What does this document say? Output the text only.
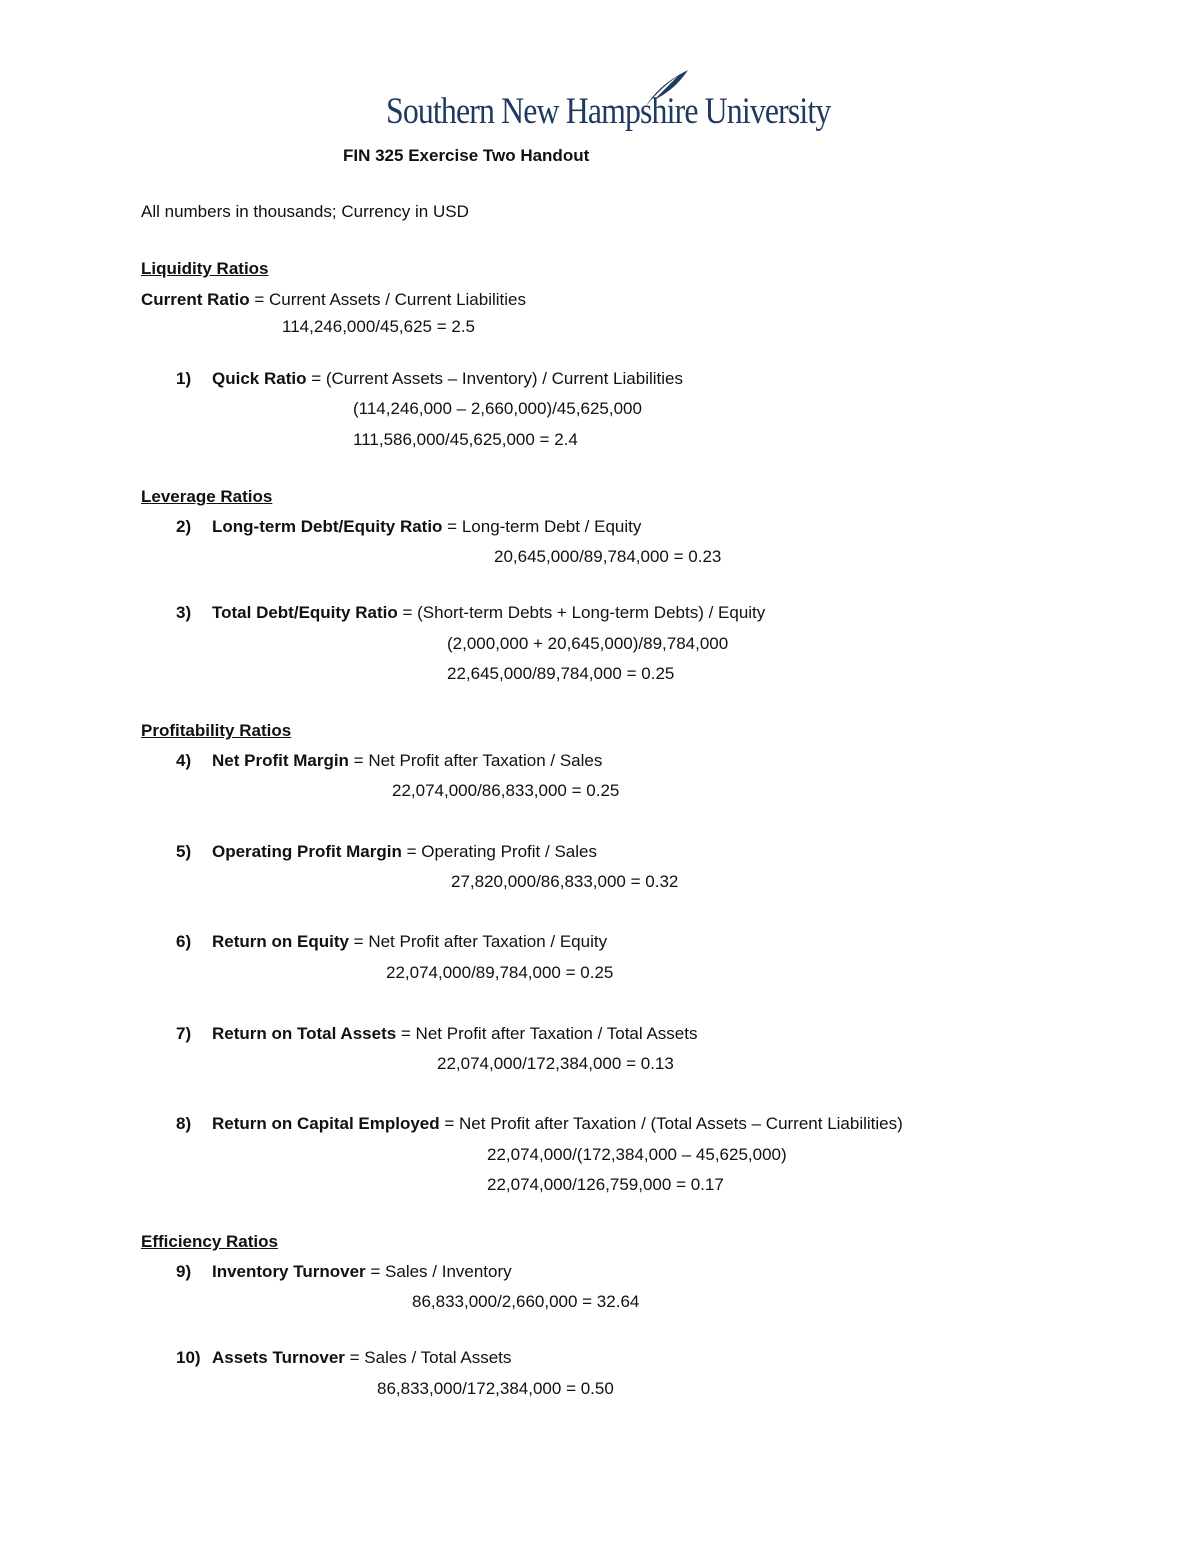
Southern New Hampshire University
FIN 325 Exercise Two Handout
All numbers in thousands; Currency in USD
Liquidity Ratios
Current Ratio = Current Assets / Current Liabilities
114,246,000/45,625 = 2.5
1) Quick Ratio = (Current Assets – Inventory) / Current Liabilities
(114,246,000 – 2,660,000)/45,625,000
111,586,000/45,625,000 = 2.4
Leverage Ratios
2) Long-term Debt/Equity Ratio = Long-term Debt / Equity
20,645,000/89,784,000 = 0.23
3) Total Debt/Equity Ratio = (Short-term Debts + Long-term Debts) / Equity
(2,000,000 + 20,645,000)/89,784,000
22,645,000/89,784,000 = 0.25
Profitability Ratios
4) Net Profit Margin = Net Profit after Taxation / Sales
22,074,000/86,833,000 = 0.25
5) Operating Profit Margin = Operating Profit / Sales
27,820,000/86,833,000 = 0.32
6) Return on Equity = Net Profit after Taxation / Equity
22,074,000/89,784,000 = 0.25
7) Return on Total Assets = Net Profit after Taxation / Total Assets
22,074,000/172,384,000 = 0.13
8) Return on Capital Employed = Net Profit after Taxation / (Total Assets – Current Liabilities)
22,074,000/(172,384,000 – 45,625,000)
22,074,000/126,759,000 = 0.17
Efficiency Ratios
9) Inventory Turnover = Sales / Inventory
86,833,000/2,660,000 = 32.64
10) Assets Turnover = Sales / Total Assets
86,833,000/172,384,000 = 0.50
